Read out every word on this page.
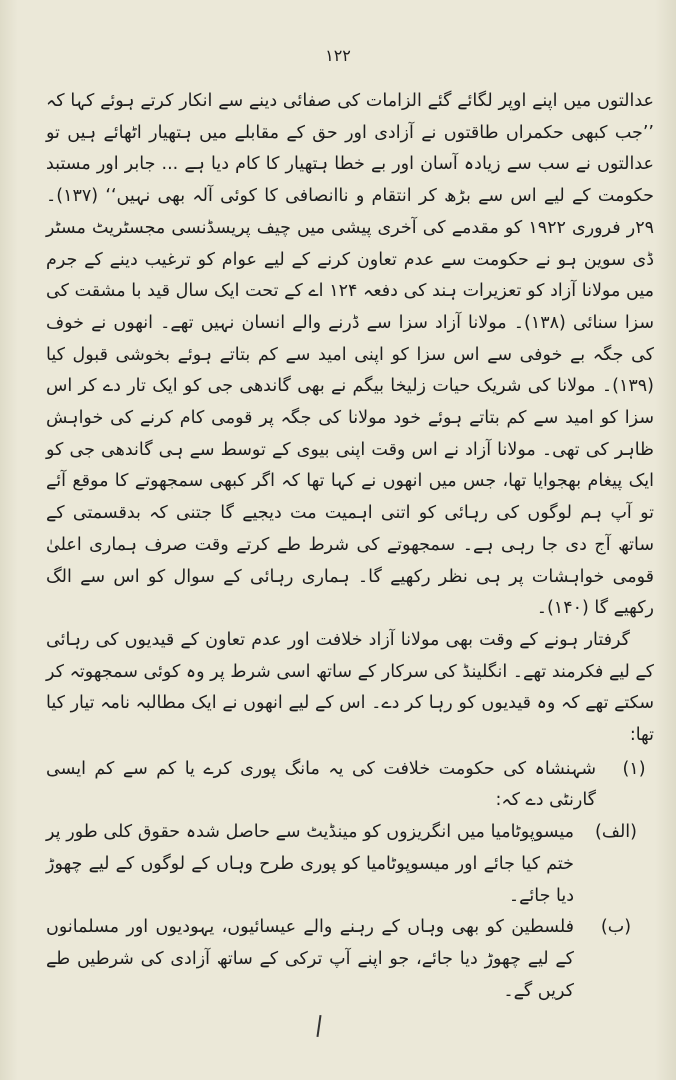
۱۲۲

عدالتوں میں اپنے اوپر لگائے گئے الزامات کی صفائی دینے سے انکار کرتے ہوئے کہا کہ ’’جب کبھی حکمراں طاقتوں نے آزادی اور حق کے مقابلے میں ہتھیار اٹھائے ہیں تو عدالتوں نے سب سے زیادہ آسان اور بے خطا ہتھیار کا کام دیا ہے ... جابر اور مستبد حکومت کے لیے اس سے بڑھ کر انتقام و ناانصافی کا کوئی آلہ بھی نہیں‘‘ (۱۳۷)۔ ۲۹ر فروری ۱۹۲۲ کو مقدمے کی آخری پیشی میں چیف پریسڈنسی مجسٹریٹ مسٹر ڈی سوین ہو نے حکومت سے عدم تعاون کرنے کے لیے عوام کو ترغیب دینے کے جرم میں مولانا آزاد کو تعزیرات ہند کی دفعہ ۱۲۴ اے کے تحت ایک سال قید با مشقت کی سزا سنائی (۱۳۸)۔ مولانا آزاد سزا سے ڈرنے والے انسان نہیں تھے۔ انھوں نے خوف کی جگہ بے خوفی سے اس سزا کو اپنی امید سے کم بتاتے ہوئے بخوشی قبول کیا (۱۳۹)۔ مولانا کی شریک حیات زلیخا بیگم نے بھی گاندھی جی کو ایک تار دے کر اس سزا کو امید سے کم بتاتے ہوئے خود مولانا کی جگہ پر قومی کام کرنے کی خواہش ظاہر کی تھی۔ مولانا آزاد نے اس وقت اپنی بیوی کے توسط سے ہی گاندھی جی کو ایک پیغام بھجوایا تھا، جس میں انھوں نے کہا تھا کہ اگر کبھی سمجھوتے کا موقع آئے تو آپ ہم لوگوں کی رہائی کو اتنی اہمیت مت دیجیے گا جتنی کہ بدقسمتی کے ساتھ آج دی جا رہی ہے۔ سمجھوتے کی شرط طے کرتے وقت صرف ہماری اعلیٰ قومی خواہشات پر ہی نظر رکھیے گا۔ ہماری رہائی کے سوال کو اس سے الگ رکھیے گا (۱۴۰)۔

گرفتار ہونے کے وقت بھی مولانا آزاد خلافت اور عدم تعاون کے قیدیوں کی رہائی کے لیے فکرمند تھے۔ انگلینڈ کی سرکار کے ساتھ اسی شرط پر وہ کوئی سمجھوتہ کر سکتے تھے کہ وہ قیدیوں کو رہا کر دے۔ اس کے لیے انھوں نے ایک مطالبہ نامہ تیار کیا تھا:

(۱)
شہنشاہ کی حکومت خلافت کی یہ مانگ پوری کرے یا کم سے کم ایسی گارنٹی دے کہ:
(الف)
میسوپوٹامیا میں انگریزوں کو مینڈیٹ سے حاصل شدہ حقوق کلی طور پر ختم کیا جائے اور میسوپوٹامیا کو پوری طرح وہاں کے لوگوں کے لیے چھوڑ دیا جائے۔
(ب)
فلسطین کو بھی وہاں کے رہنے والے عیسائیوں، یہودیوں اور مسلمانوں کے لیے چھوڑ دیا جائے، جو اپنے آپ ترکی کے ساتھ آزادی کی شرطیں طے کریں گے۔
